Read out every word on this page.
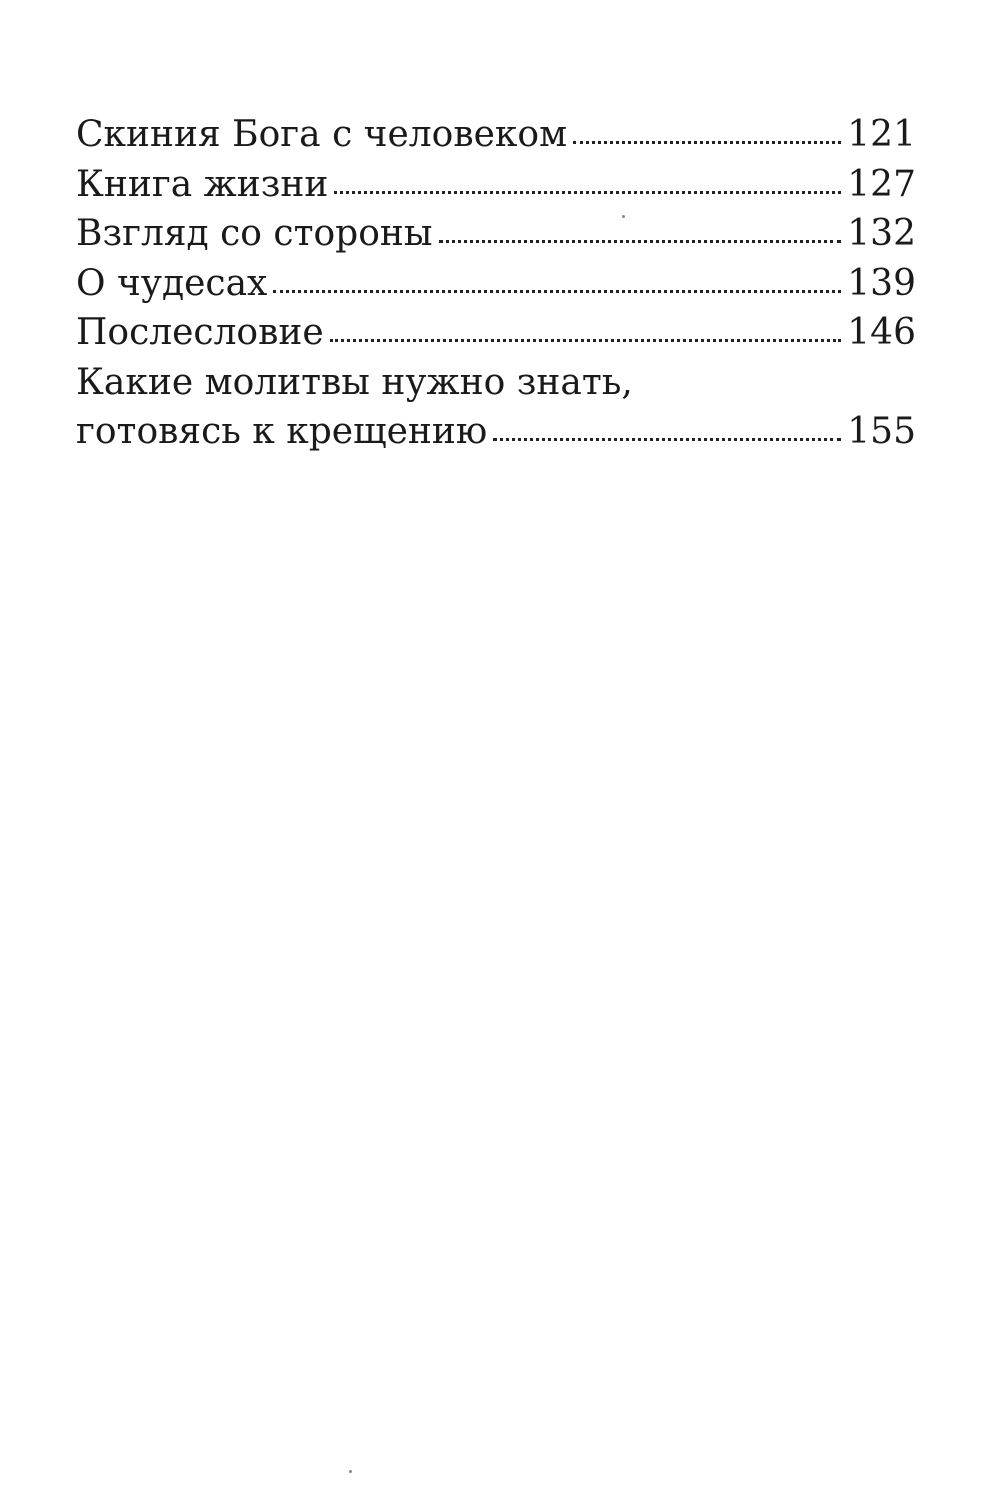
Скиния Бога с человеком	121
Книга жизни	127
Взгляд со стороны	132
О чудесах	139
Послесловие	146
Какие молитвы нужно знать,
готовясь к крещению	155
